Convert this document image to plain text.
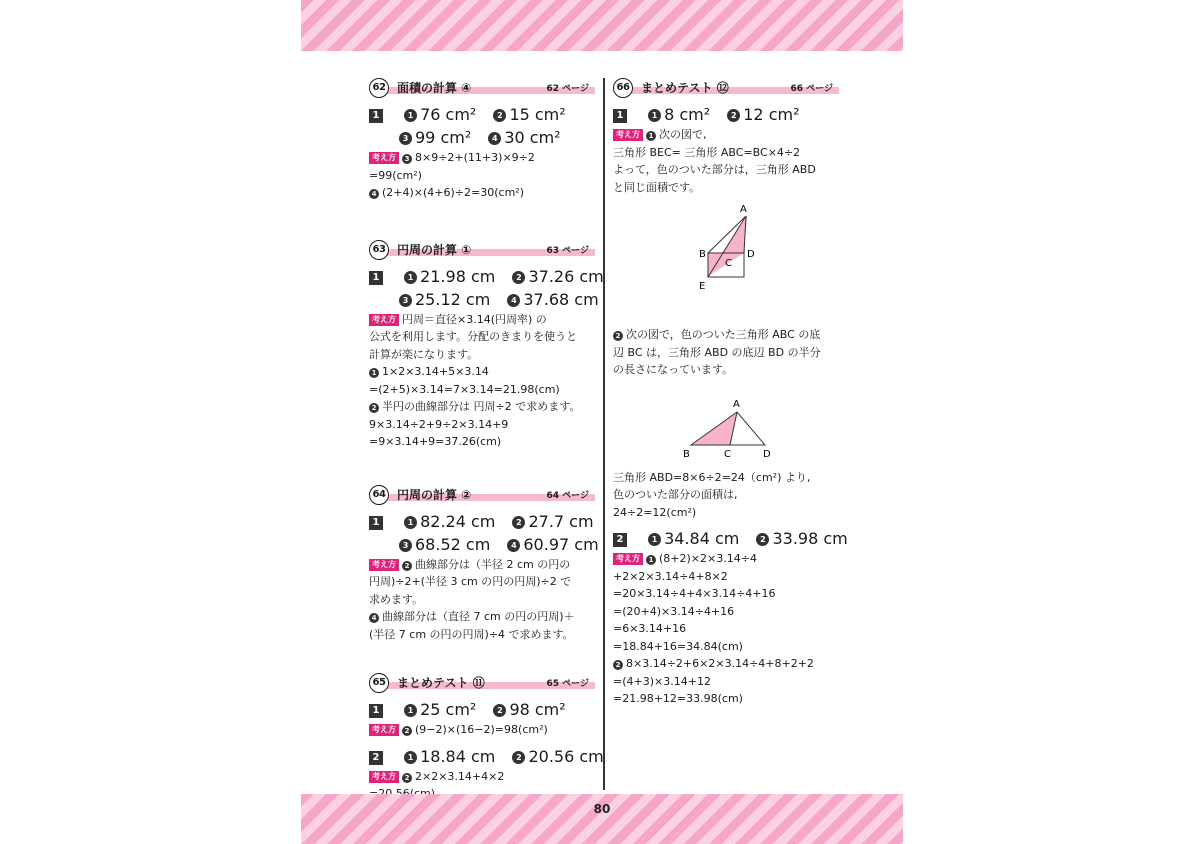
62 面積の計算 ④	62 ページ
1	1 76 cm²	2 15 cm²
3 99 cm²	4 30 cm²

考え方 3 8×9÷2+(11+3)×9÷2

=99(cm²)

4 (2+4)×(4+6)÷2=30(cm²)

63 円周の計算 ①	63 ページ
1	1 21.98 cm	2 37.26 cm
3 25.12 cm	4 37.68 cm

考え方 円周＝直径×3.14(円周率) の

公式を利用します。分配のきまりを使うと

計算が楽になります。

1 1×2×3.14+5×3.14

=(2+5)×3.14=7×3.14=21.98(cm)

2 半円の曲線部分は 円周÷2 で求めます。

9×3.14÷2+9÷2×3.14+9

=9×3.14+9=37.26(cm)

64 円周の計算 ②	64 ページ
1	1 82.24 cm	2 27.7 cm
3 68.52 cm	4 60.97 cm

考え方 2 曲線部分は（半径 2 cm の円の

円周)÷2+(半径 3 cm の円の円周)÷2 で

求めます。

4 曲線部分は（直径 7 cm の円の円周)＋

(半径 7 cm の円の円周)÷4 で求めます。

65 まとめテスト ⑪	65 ページ
1	1 25 cm²	2 98 cm²

考え方 2 (9−2)×(16−2)=98(cm²)

2	1 18.84 cm	2 20.56 cm

考え方 2 2×2×3.14+4×2

66 まとめテスト ⑫	66 ページ
1	1 8 cm²	2 12 cm²

考え方 1 次の図で,

三角形 BEC= 三角形 ABC=BC×4÷2

よって，色のついた部分は，三角形 ABD

と同じ面積です。

A
B
C
D
E

2 次の図で，色のついた三角形 ABC の底

辺 BC は，三角形 ABD の底辺 BD の半分

の長さになっています。

A
B	C	D

三角形 ABD=8×6÷2=24（cm²) より,

色のついた部分の面積は,

24÷2=12(cm²)

2	1 34.84 cm	2 33.98 cm

考え方 1 (8+2)×2×3.14÷4

+2×2×3.14÷4+8×2

=20×3.14÷4+4×3.14÷4+16

=(20+4)×3.14÷4+16

=6×3.14+16

=18.84+16=34.84(cm)

2 8×3.14÷2+6×2×3.14÷4+8+2+2

=(4+3)×3.14+12

=21.98+12=33.98(cm)

80
